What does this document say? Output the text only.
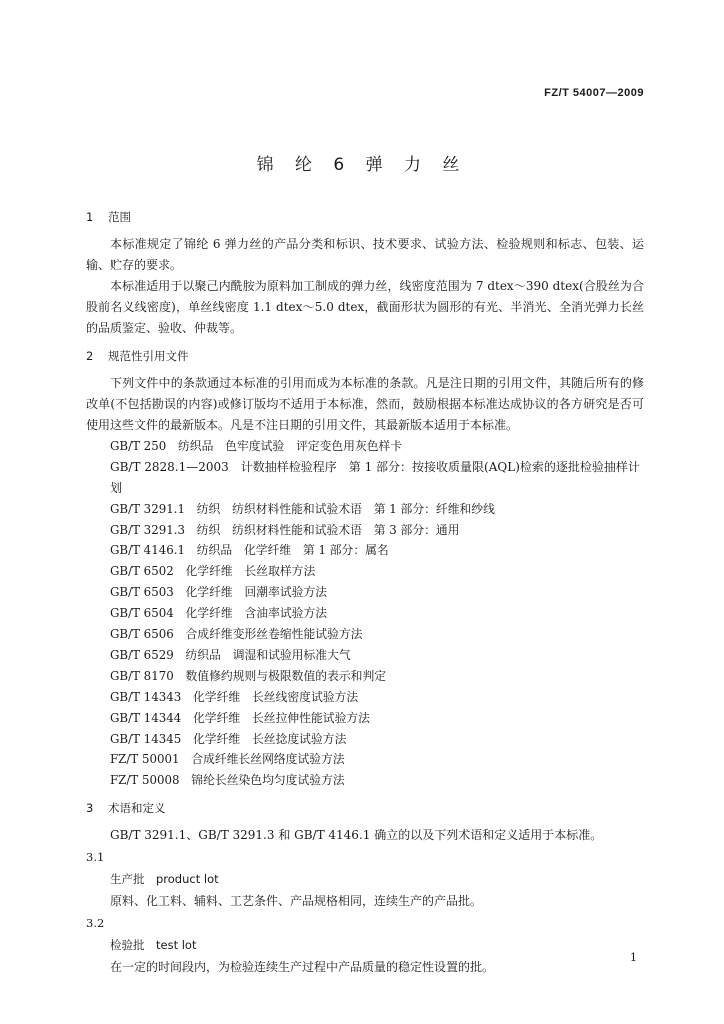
FZ/T 54007—2009
锦 纶 6 弹 力 丝
1 范围
本标准规定了锦纶 6 弹力丝的产品分类和标识、技术要求、试验方法、检验规则和标志、包装、运输、贮存的要求。
本标准适用于以聚己内酰胺为原料加工制成的弹力丝，线密度范围为 7 dtex～390 dtex(合股丝为合股前名义线密度)，单丝线密度 1.1 dtex～5.0 dtex，截面形状为圆形的有光、半消光、全消光弹力长丝的品质鉴定、验收、仲裁等。
2 规范性引用文件
下列文件中的条款通过本标准的引用而成为本标准的条款。凡是注日期的引用文件，其随后所有的修改单(不包括勘误的内容)或修订版均不适用于本标准，然而，鼓励根据本标准达成协议的各方研究是否可使用这些文件的最新版本。凡是不注日期的引用文件，其最新版本适用于本标准。
GB/T 250　纺织品　色牢度试验　评定变色用灰色样卡
GB/T 2828.1—2003　计数抽样检验程序　第 1 部分：按接收质量限(AQL)检索的逐批检验抽样计划
GB/T 3291.1　纺织　纺织材料性能和试验术语　第 1 部分：纤维和纱线
GB/T 3291.3　纺织　纺织材料性能和试验术语　第 3 部分：通用
GB/T 4146.1　纺织品　化学纤维　第 1 部分：属名
GB/T 6502　化学纤维　长丝取样方法
GB/T 6503　化学纤维　回潮率试验方法
GB/T 6504　化学纤维　含油率试验方法
GB/T 6506　合成纤维变形丝卷缩性能试验方法
GB/T 6529　纺织品　调湿和试验用标准大气
GB/T 8170　数值修约规则与极限数值的表示和判定
GB/T 14343　化学纤维　长丝线密度试验方法
GB/T 14344　化学纤维　长丝拉伸性能试验方法
GB/T 14345　化学纤维　长丝捻度试验方法
FZ/T 50001　合成纤维长丝网络度试验方法
FZ/T 50008　锦纶长丝染色均匀度试验方法
3 术语和定义
GB/T 3291.1、GB/T 3291.3 和 GB/T 4146.1 确立的以及下列术语和定义适用于本标准。
3.1
生产批　product lot
原料、化工料、辅料、工艺条件、产品规格相同，连续生产的产品批。
3.2
检验批　test lot
在一定的时间段内，为检验连续生产过程中产品质量的稳定性设置的批。
1
